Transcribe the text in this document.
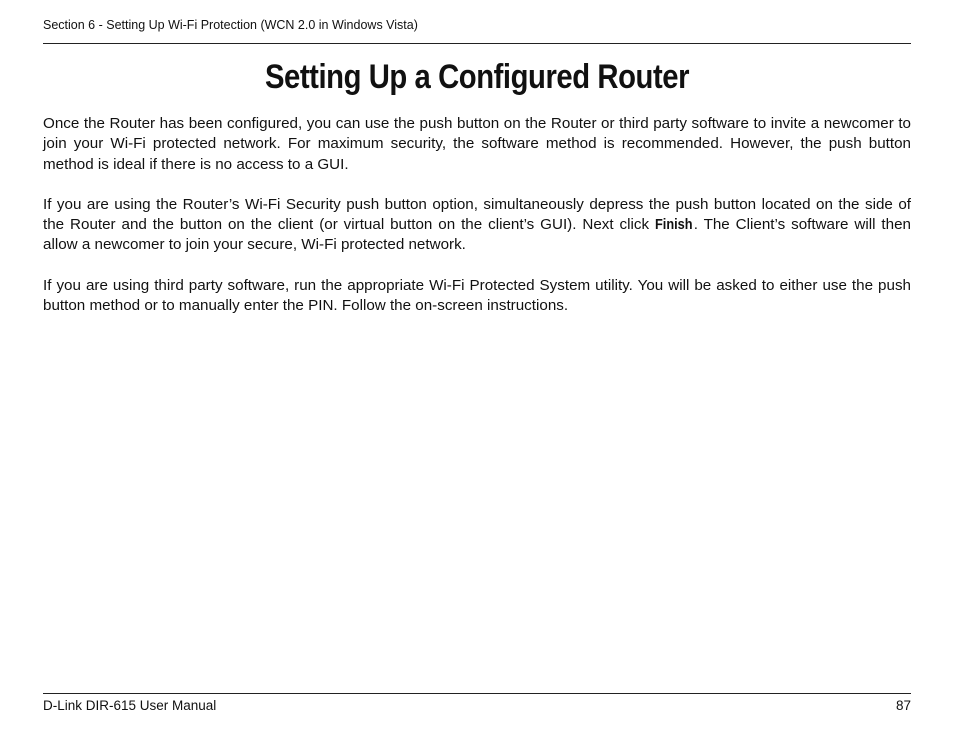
Section 6 - Setting Up Wi-Fi Protection (WCN 2.0 in Windows Vista)
Setting Up a Configured Router

Once the Router has been configured, you can use the push button on the Router or third party software to invite a newcomer to join your Wi-Fi protected network. For maximum security, the software method is recommended. However, the push button method is ideal if there is no access to a GUI.

If you are using the Router’s Wi-Fi Security push button option, simultaneously depress the push button located on the side of the Router and the button on the client (or virtual button on the client’s GUI). Next click Finish. The Client’s software will then allow a newcomer to join your secure, Wi-Fi protected network.

If you are using third party software, run the appropriate Wi-Fi Protected System utility. You will be asked to either use the push button method or to manually enter the PIN. Follow the on-screen instructions.

D-Link DIR-615 User Manual	87
